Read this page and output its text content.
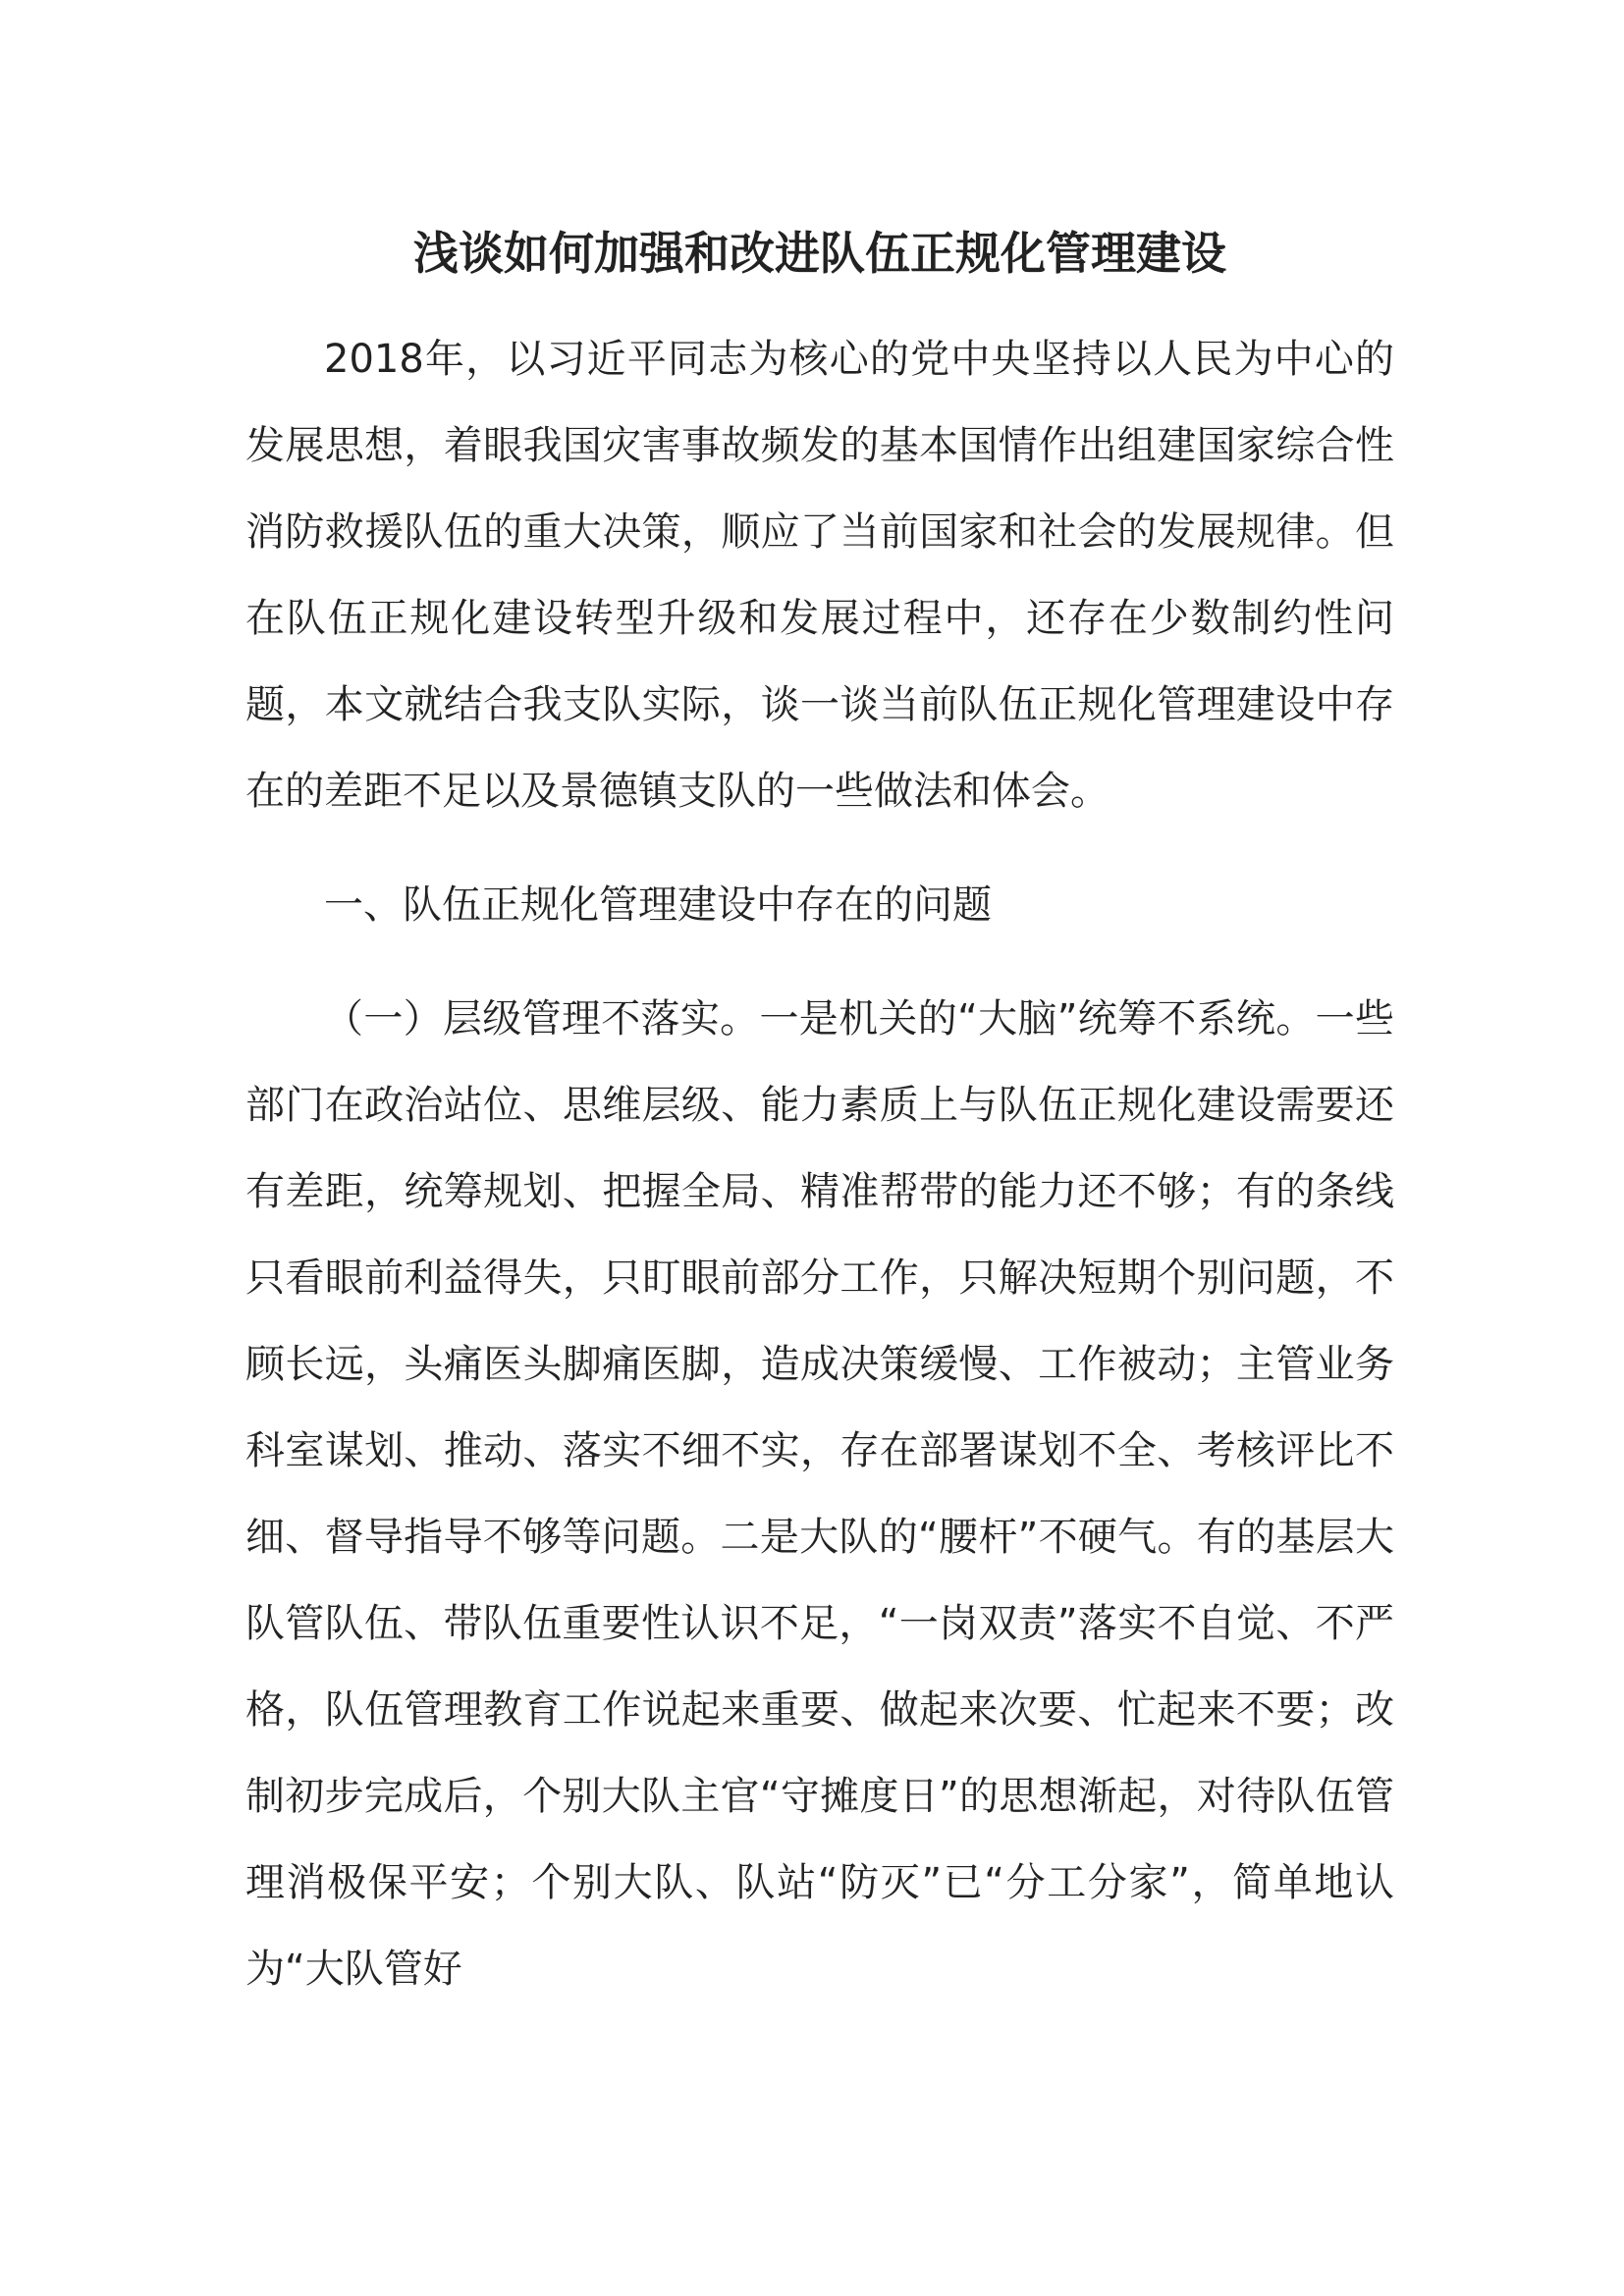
浅谈如何加强和改进队伍正规化管理建设

2018年，以习近平同志为核心的党中央坚持以人民为中心的发展思想，着眼我国灾害事故频发的基本国情作出组建国家综合性消防救援队伍的重大决策，顺应了当前国家和社会的发展规律。但在队伍正规化建设转型升级和发展过程中，还存在少数制约性问题，本文就结合我支队实际，谈一谈当前队伍正规化管理建设中存在的差距不足以及景德镇支队的一些做法和体会。

一、队伍正规化管理建设中存在的问题

（一）层级管理不落实。一是机关的“大脑”统筹不系统。一些部门在政治站位、思维层级、能力素质上与队伍正规化建设需要还有差距，统筹规划、把握全局、精准帮带的能力还不够；有的条线只看眼前利益得失，只盯眼前部分工作，只解决短期个别问题，不顾长远，头痛医头脚痛医脚，造成决策缓慢、工作被动；主管业务科室谋划、推动、落实不细不实，存在部署谋划不全、考核评比不细、督导指导不够等问题。二是大队的“腰杆”不硬气。有的基层大队管队伍、带队伍重要性认识不足，“一岗双责”落实不自觉、不严格，队伍管理教育工作说起来重要、做起来次要、忙起来不要；改制初步完成后，个别大队主官“守摊度日”的思想渐起，对待队伍管理消极保平安；个别大队、队站“防灭”已“分工分家”，简单地认为“大队管好
